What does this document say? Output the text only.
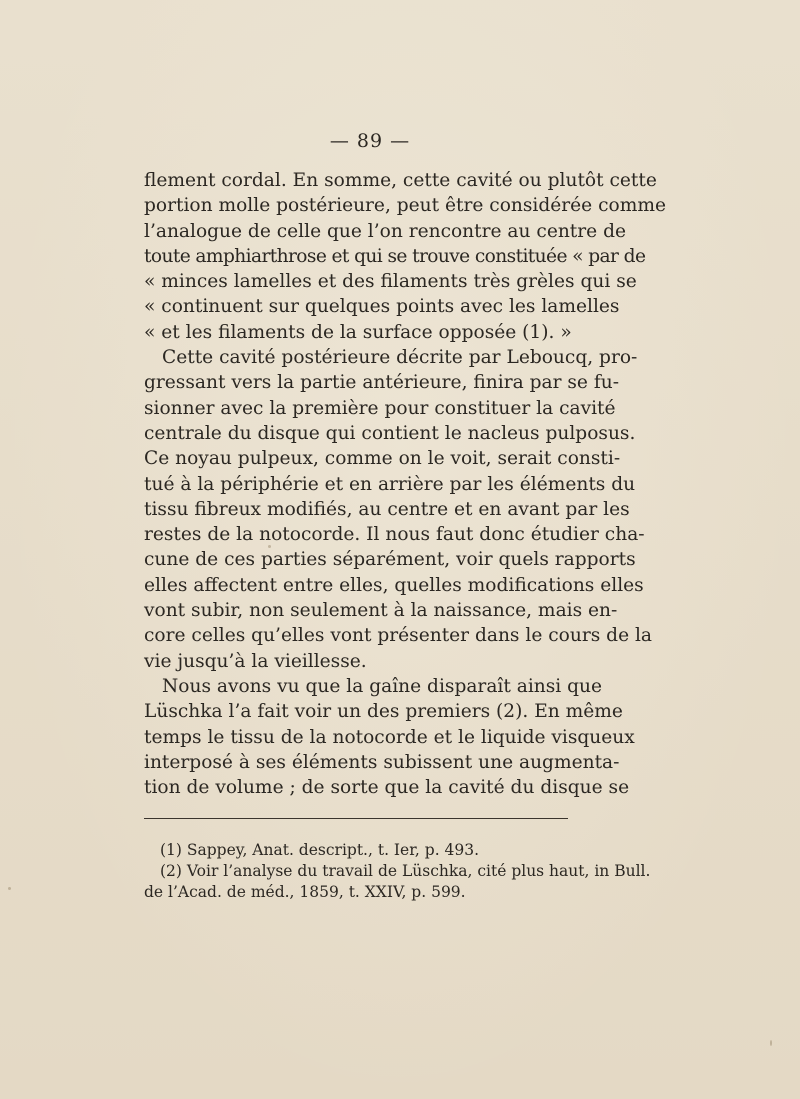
— 89 —
flement cordal. En somme, cette cavité ou plutôt cette
portion molle postérieure, peut être considérée comme
l’analogue de celle que l’on rencontre au centre de
toute amphiarthrose et qui se trouve constituée « par de
« minces lamelles et des filaments très grèles qui se
« continuent sur quelques points avec les lamelles
« et les filaments de la surface opposée (1). »
Cette cavité postérieure décrite par Leboucq, pro-
gressant vers la partie antérieure, finira par se fu-
sionner avec la première pour constituer la cavité
centrale du disque qui contient le nacleus pulposus.
Ce noyau pulpeux, comme on le voit, serait consti-
tué à la périphérie et en arrière par les éléments du
tissu fibreux modifiés, au centre et en avant par les
restes de la notocorde. Il nous faut donc étudier cha-
cune de ces parties séparément, voir quels rapports
elles affectent entre elles, quelles modifications elles
vont subir, non seulement à la naissance, mais en-
core celles qu’elles vont présenter dans le cours de la
vie jusqu’à la vieillesse.
Nous avons vu que la gaîne disparaît ainsi que
Lüschka l’a fait voir un des premiers (2). En même
temps le tissu de la notocorde et le liquide visqueux
interposé à ses éléments subissent une augmenta-
tion de volume ; de sorte que la cavité du disque se
(1) Sappey, Anat. descript., t. Ier, p. 493.
(2) Voir l’analyse du travail de Lüschka, cité plus haut, in Bull.
de l’Acad. de méd., 1859, t. XXIV, p. 599.
